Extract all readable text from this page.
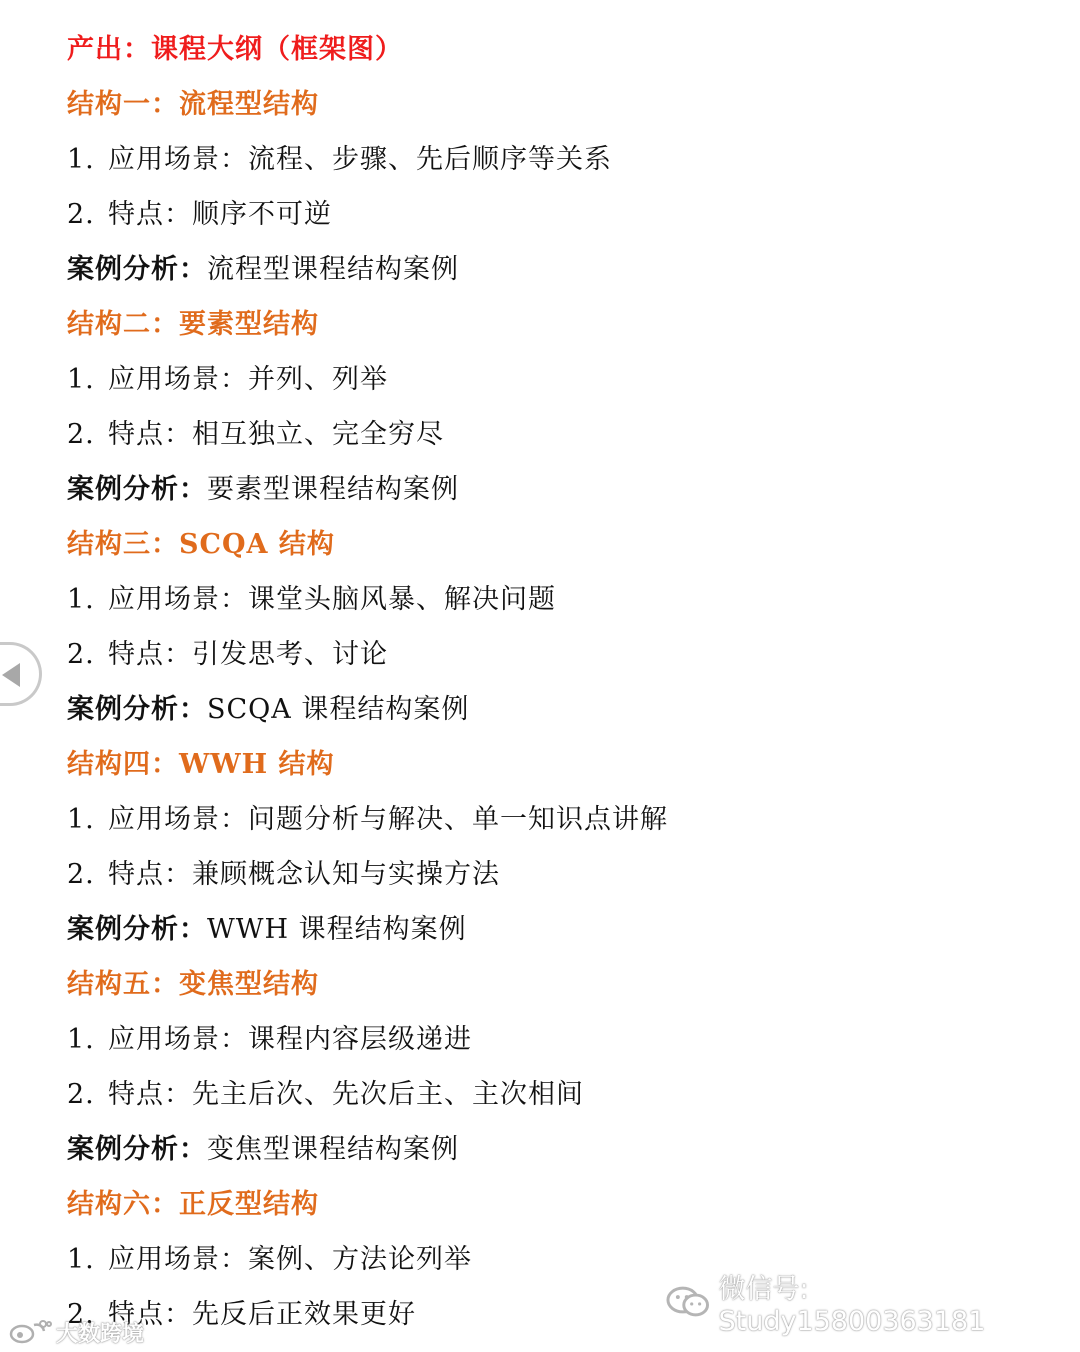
产出：课程大纲（框架图）
结构一：流程型结构
1. 应用场景：流程、步骤、先后顺序等关系
2. 特点：顺序不可逆
案例分析：流程型课程结构案例
结构二：要素型结构
1. 应用场景：并列、列举
2. 特点：相互独立、完全穷尽
案例分析：要素型课程结构案例
结构三：SCQA 结构
1. 应用场景：课堂头脑风暴、解决问题
2. 特点：引发思考、讨论
案例分析：SCQA 课程结构案例
结构四：WWH 结构
1. 应用场景：问题分析与解决、单一知识点讲解
2. 特点：兼顾概念认知与实操方法
案例分析：WWH 课程结构案例
结构五：变焦型结构
1. 应用场景：课程内容层级递进
2. 特点：先主后次、先次后主、主次相间
案例分析：变焦型课程结构案例
结构六：正反型结构
1. 应用场景：案例、方法论列举
2. 特点：先反后正效果更好
微信号: Study15800363181
大数跨境
